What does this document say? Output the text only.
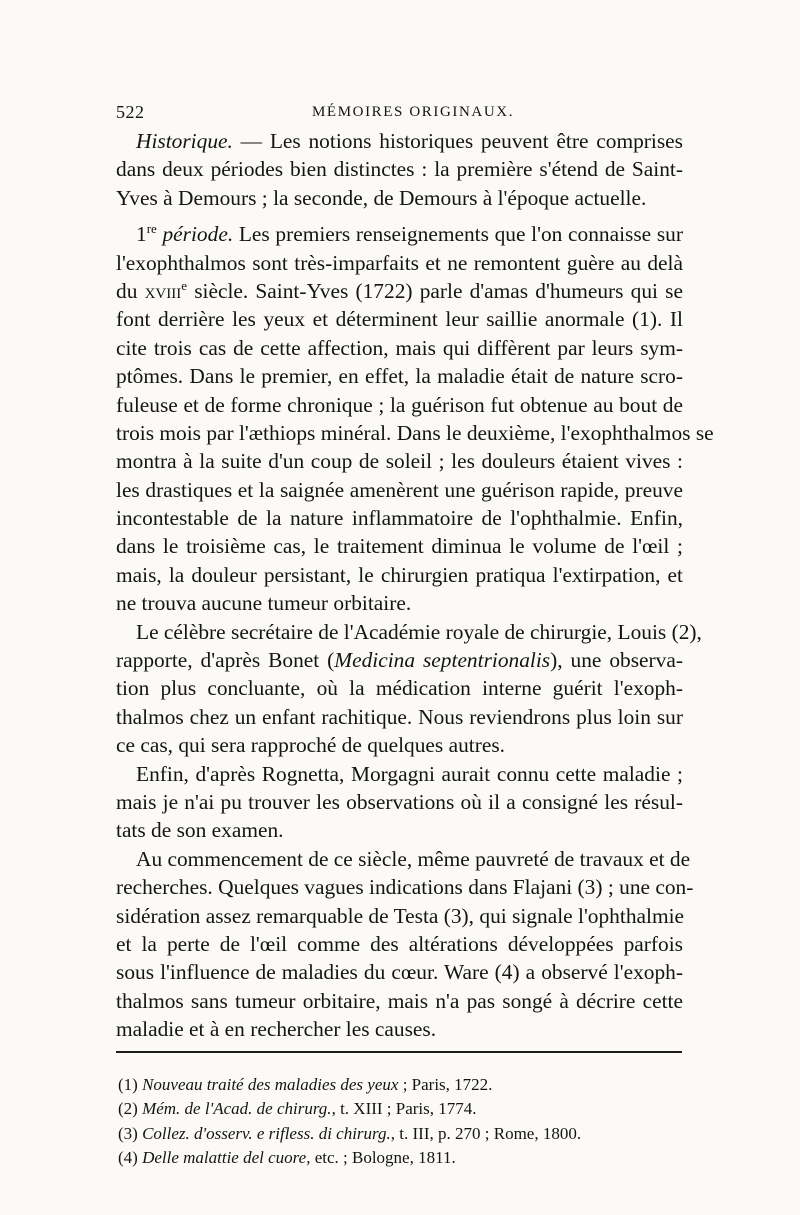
522	MÉMOIRES ORIGINAUX.
Historique. — Les notions historiques peuvent être comprises
dans deux périodes bien distinctes : la première s'étend de Saint-
Yves à Demours ; la seconde, de Demours à l'époque actuelle.
1re période. Les premiers renseignements que l'on connaisse sur
l'exophthalmos sont très-imparfaits et ne remontent guère au delà
du xviii$^e$ siècle. Saint-Yves (1722) parle d'amas d'humeurs qui se
font derrière les yeux et déterminent leur saillie anormale (1). Il
cite trois cas de cette affection, mais qui diffèrent par leurs sym-
ptômes. Dans le premier, en effet, la maladie était de nature scro-
fuleuse et de forme chronique ; la guérison fut obtenue au bout de
trois mois par l'æthiops minéral. Dans le deuxième, l'exophthalmos se
montra à la suite d'un coup de soleil ; les douleurs étaient vives :
les drastiques et la saignée amenèrent une guérison rapide, preuve
incontestable de la nature inflammatoire de l'ophthalmie. Enfin,
dans le troisième cas, le traitement diminua le volume de l'œil ;
mais, la douleur persistant, le chirurgien pratiqua l'extirpation, et
ne trouva aucune tumeur orbitaire.
Le célèbre secrétaire de l'Académie royale de chirurgie, Louis (2),
rapporte, d'après Bonet (Medicina septentrionalis), une observa-
tion plus concluante, où la médication interne guérit l'exoph-
thalmos chez un enfant rachitique. Nous reviendrons plus loin sur
ce cas, qui sera rapproché de quelques autres.
Enfin, d'après Rognetta, Morgagni aurait connu cette maladie ;
mais je n'ai pu trouver les observations où il a consigné les résul-
tats de son examen.
Au commencement de ce siècle, même pauvreté de travaux et de
recherches. Quelques vagues indications dans Flajani (3) ; une con-
sidération assez remarquable de Testa (3), qui signale l'ophthalmie
et la perte de l'œil comme des altérations développées parfois
sous l'influence de maladies du cœur. Ware (4) a observé l'exoph-
thalmos sans tumeur orbitaire, mais n'a pas songé à décrire cette
maladie et à en rechercher les causes.
(1) Nouveau traité des maladies des yeux ; Paris, 1722.
(2) Mém. de l'Acad. de chirurg., t. XIII ; Paris, 1774.
(3) Collez. d'osserv. e rifless. di chirurg., t. III, p. 270 ; Rome, 1800.
(4) Delle malattie del cuore, etc. ; Bologne, 1811.
